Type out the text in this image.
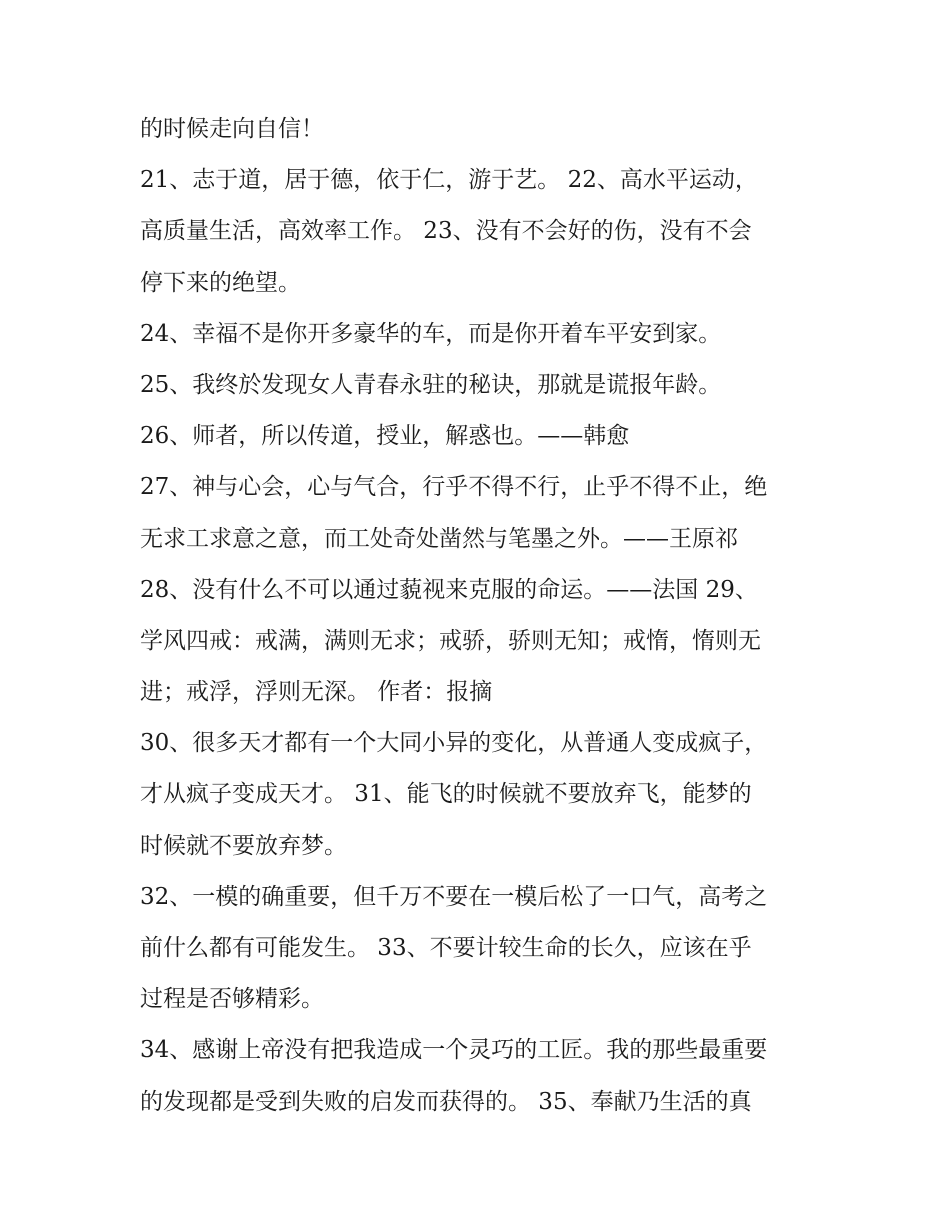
的时候走向自信！
21、志于道，居于德，依于仁，游于艺。 22、高水平运动，
高质量生活，高效率工作。 23、没有不会好的伤，没有不会
停下来的绝望。
24、幸福不是你开多豪华的车，而是你开着车平安到家。
25、我终於发现女人青春永驻的秘诀，那就是谎报年龄。
26、师者，所以传道，授业，解惑也。——韩愈
27、神与心会，心与气合，行乎不得不行，止乎不得不止，绝
无求工求意之意，而工处奇处凿然与笔墨之外。——王原祁
28、没有什么不可以通过藐视来克服的命运。——法国 29、
学风四戒：戒满，满则无求；戒骄，骄则无知；戒惰，惰则无
进；戒浮，浮则无深。 作者：报摘
30、很多天才都有一个大同小异的变化，从普通人变成疯子，
才从疯子变成天才。 31、能飞的时候就不要放弃飞，能梦的
时候就不要放弃梦。
32、一模的确重要，但千万不要在一模后松了一口气，高考之
前什么都有可能发生。 33、不要计较生命的长久，应该在乎
过程是否够精彩。
34、感谢上帝没有把我造成一个灵巧的工匠。我的那些最重要
的发现都是受到失败的启发而获得的。 35、奉献乃生活的真
